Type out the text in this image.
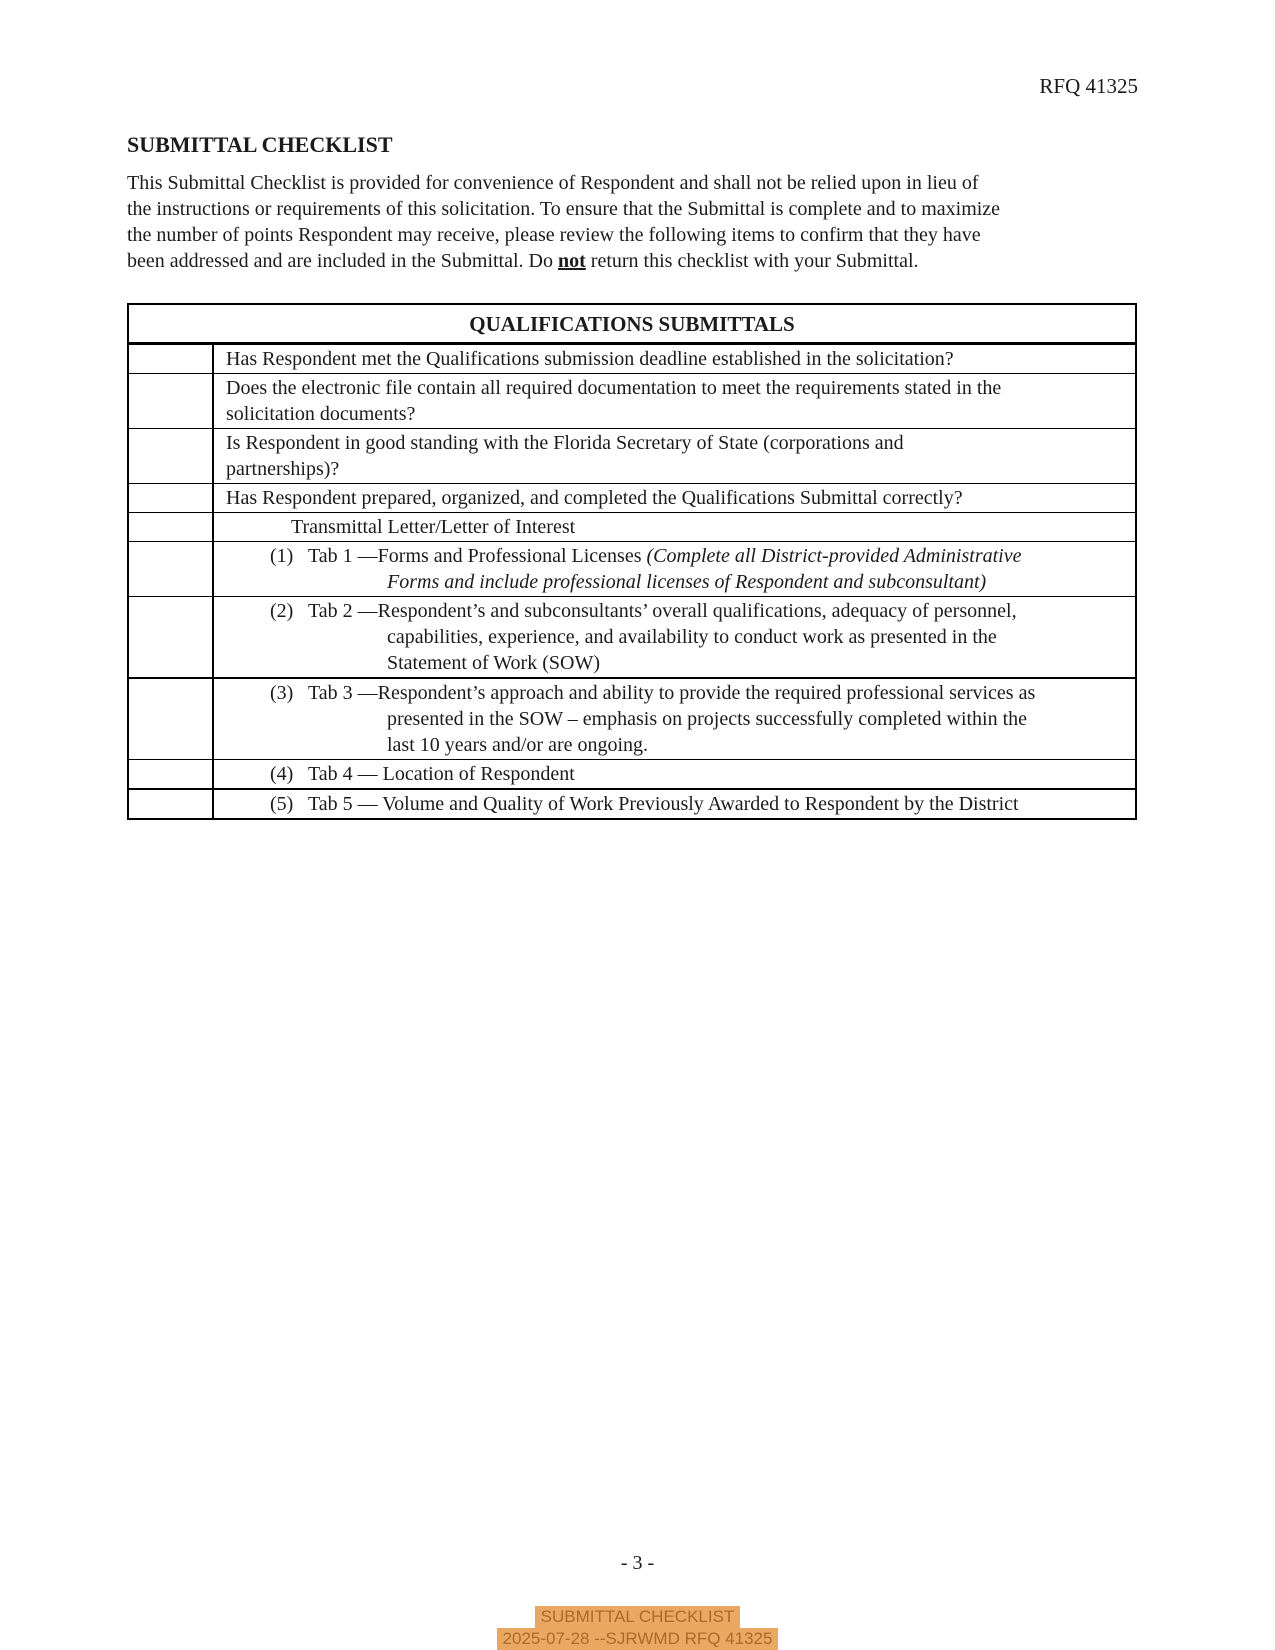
RFQ 41325
SUBMITTAL CHECKLIST
This Submittal Checklist is provided for convenience of Respondent and shall not be relied upon in lieu of
the instructions or requirements of this solicitation. To ensure that the Submittal is complete and to maximize
the number of points Respondent may receive, please review the following items to confirm that they have
been addressed and are included in the Submittal. Do not return this checklist with your Submittal.
QUALIFICATIONS SUBMITTALS	

	Has Respondent met the Qualifications submission deadline established in the solicitation?

	Does the electronic file contain all required documentation to meet the requirements stated in the
solicitation documents?

	Is Respondent in good standing with the Florida Secretary of State (corporations and
partnerships)?

	Has Respondent prepared, organized, and completed the Qualifications Submittal correctly?

	Transmittal Letter/Letter of Interest

	(1)  Tab 1 —Forms and Professional Licenses (Complete all District-provided Administrative
Forms and include professional licenses of Respondent and subconsultant)

	(2)  Tab 2 —Respondent’s and subconsultants’ overall qualifications, adequacy of personnel,
capabilities, experience, and availability to conduct work as presented in the
Statement of Work (SOW)

	(3)  Tab 3 —Respondent’s approach and ability to provide the required professional services as
presented in the SOW – emphasis on projects successfully completed within the
last 10 years and/or are ongoing.

	(4)  Tab 4 — Location of Respondent

	(5)  Tab 5 — Volume and Quality of Work Previously Awarded to Respondent by the District
- 3 -
SUBMITTAL CHECKLIST
2025-07-28 --SJRWMD RFQ 41325
